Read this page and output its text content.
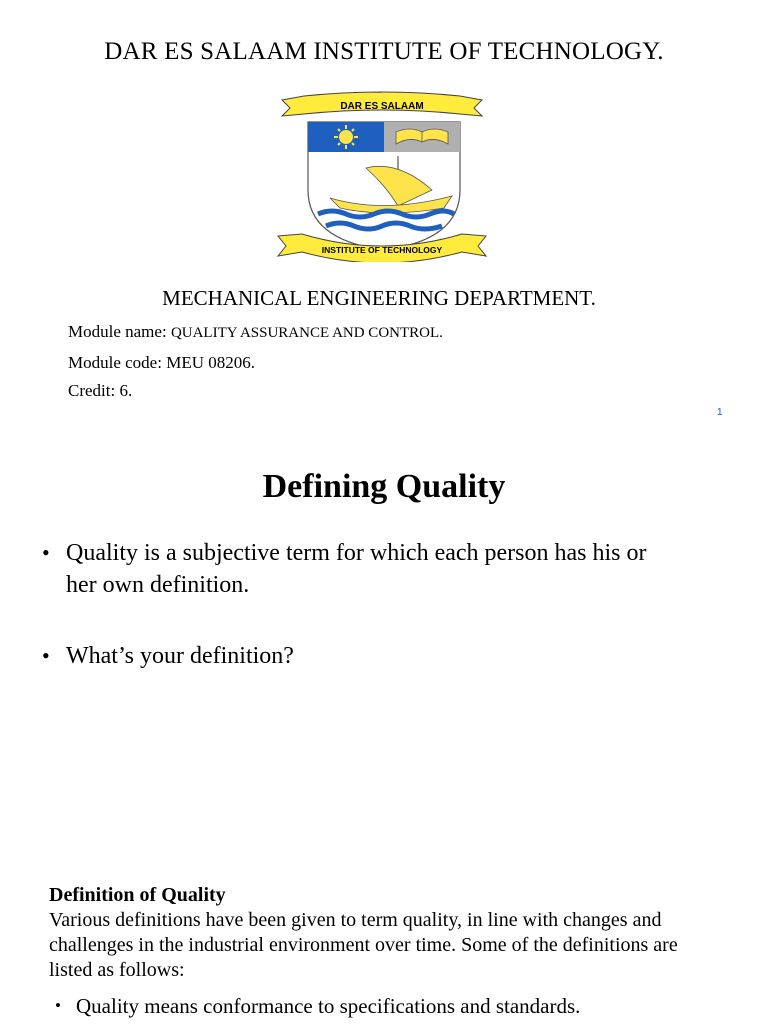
DAR ES SALAAM INSTITUTE OF TECHNOLOGY.
DAR ES SALAAM
INSTITUTE OF TECHNOLOGY
MECHANICAL ENGINEERING DEPARTMENT.
Module name: QUALITY ASSURANCE AND CONTROL.
Module code: MEU 08206.
Credit: 6.
1
Defining Quality
• Quality is a subjective term for which each person has his or
her own definition.
• What’s your definition?
Definition of Quality
Various definitions have been given to term quality, in line with changes and
challenges in the industrial environment over time. Some of the definitions are
listed as follows:
• Quality means conformance to specifications and standards.
